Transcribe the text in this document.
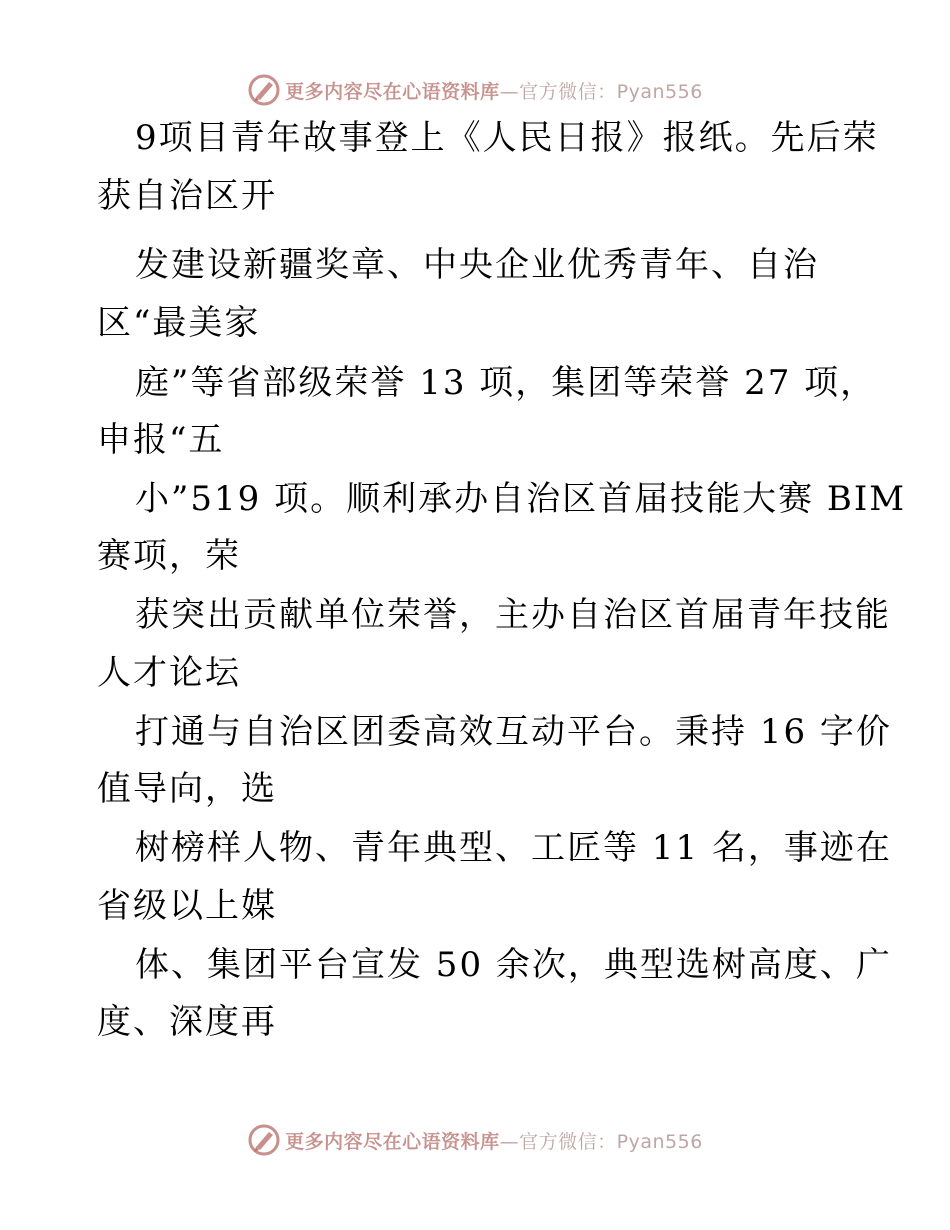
更多内容尽在心语资料库—官方微信：Pyan556
9项目青年故事登上《人民日报》报纸。先后荣
获自治区开
发建设新疆奖章、中央企业优秀青年、自治
区“最美家
庭”等省部级荣誉 13 项，集团等荣誉 27 项，
申报“五
小”519 项。顺利承办自治区首届技能大赛 BIM
赛项，荣
获突出贡献单位荣誉，主办自治区首届青年技能
人才论坛
打通与自治区团委高效互动平台。秉持 16 字价
值导向，选
树榜样人物、青年典型、工匠等 11 名，事迹在
省级以上媒
体、集团平台宣发 50 余次，典型选树高度、广
度、深度再
更多内容尽在心语资料库—官方微信：Pyan556
